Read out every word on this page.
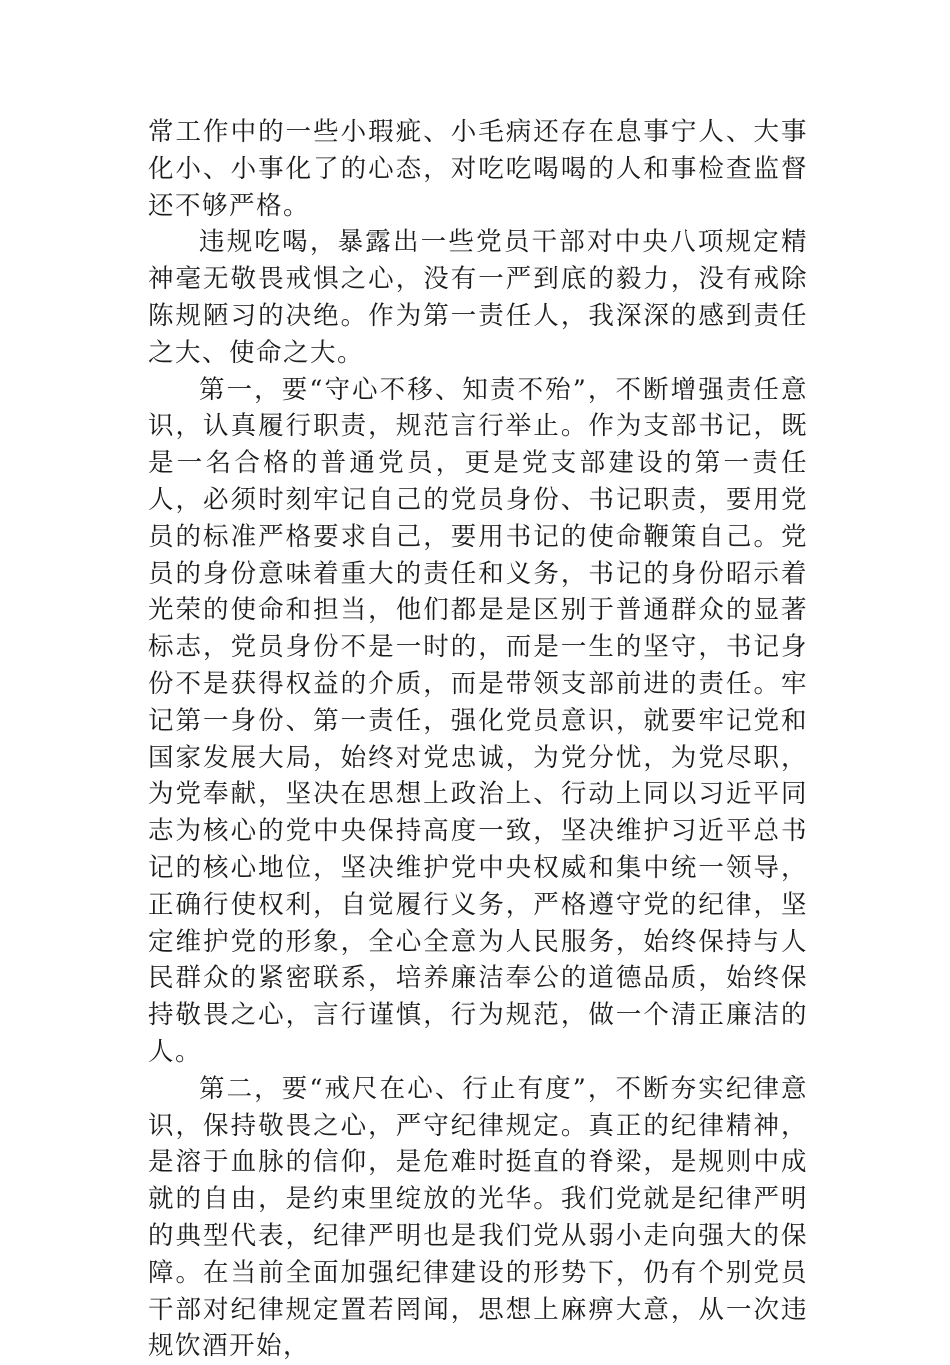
常工作中的一些小瑕疵、小毛病还存在息事宁人、大事化小、小事化了的心态，对吃吃喝喝的人和事检查监督还不够严格。

违规吃喝，暴露出一些党员干部对中央八项规定精神毫无敬畏戒惧之心，没有一严到底的毅力，没有戒除陈规陋习的决绝。作为第一责任人，我深深的感到责任之大、使命之大。

第一，要“守心不移、知责不殆”，不断增强责任意识，认真履行职责，规范言行举止。作为支部书记，既是一名合格的普通党员，更是党支部建设的第一责任人，必须时刻牢记自己的党员身份、书记职责，要用党员的标准严格要求自己，要用书记的使命鞭策自己。党员的身份意味着重大的责任和义务，书记的身份昭示着光荣的使命和担当，他们都是是区别于普通群众的显著标志，党员身份不是一时的，而是一生的坚守，书记身份不是获得权益的介质，而是带领支部前进的责任。牢记第一身份、第一责任，强化党员意识，就要牢记党和国家发展大局，始终对党忠诚，为党分忧，为党尽职，为党奉献，坚决在思想上政治上、行动上同以习近平同志为核心的党中央保持高度一致，坚决维护习近平总书记的核心地位，坚决维护党中央权威和集中统一领导，正确行使权利，自觉履行义务，严格遵守党的纪律，坚定维护党的形象，全心全意为人民服务，始终保持与人民群众的紧密联系，培养廉洁奉公的道德品质，始终保持敬畏之心，言行谨慎，行为规范，做一个清正廉洁的人。

第二，要“戒尺在心、行止有度”，不断夯实纪律意识，保持敬畏之心，严守纪律规定。真正的纪律精神，是溶于血脉的信仰，是危难时挺直的脊梁，是规则中成就的自由，是约束里绽放的光华。我们党就是纪律严明的典型代表，纪律严明也是我们党从弱小走向强大的保障。在当前全面加强纪律建设的形势下，仍有个别党员干部对纪律规定置若罔闻，思想上麻痹大意，从一次违规饮酒开始，
